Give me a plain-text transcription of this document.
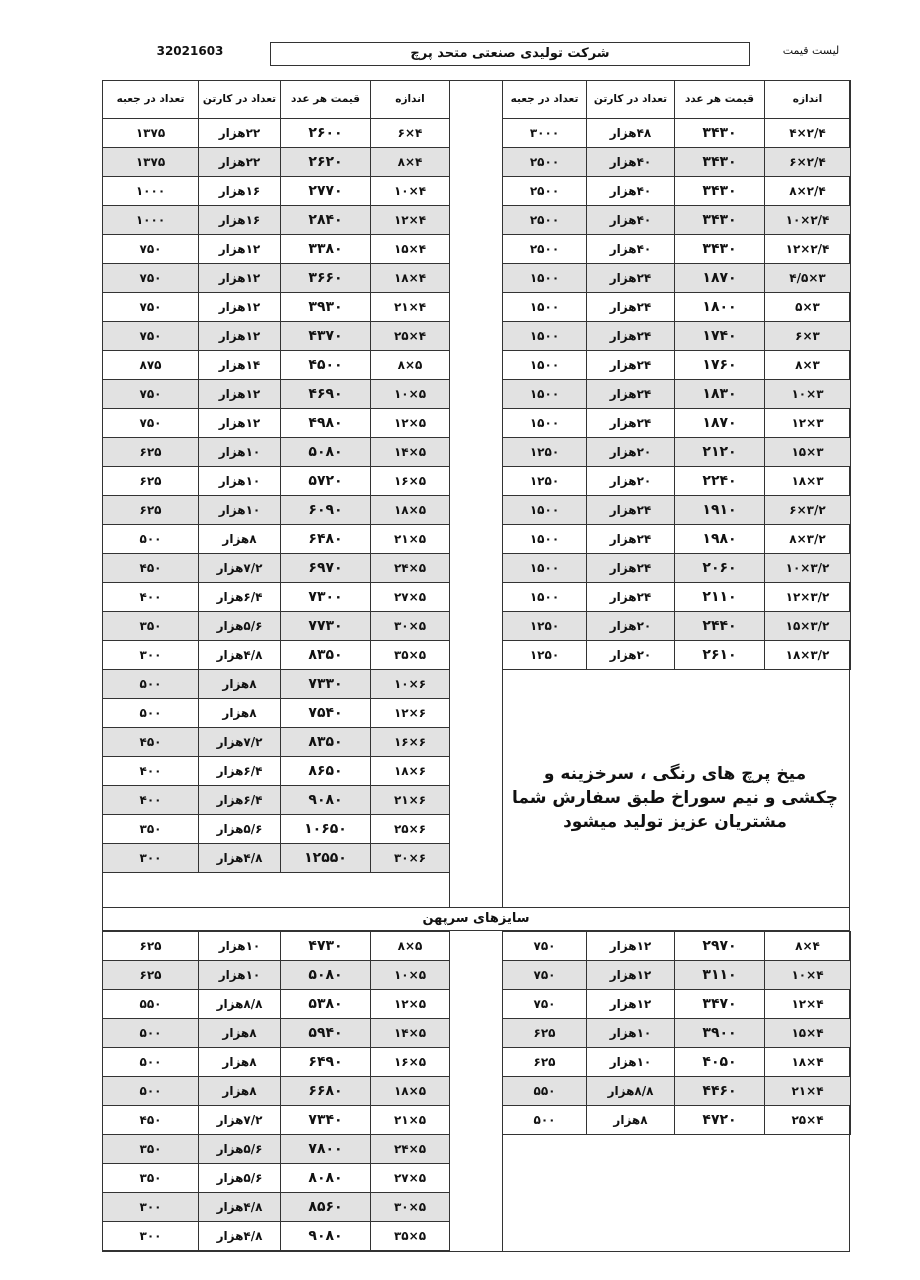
32021603	شرکت تولیدی صنعتی متحد پرچ	لیست قیمت
اندازه	قیمت هر عدد	تعداد در کارتن	تعداد در جعبه
۲/۴×۴	۳۴۳۰	۴۸هزار	۳۰۰۰
۲/۴×۶	۳۴۳۰	۴۰هزار	۲۵۰۰
۲/۴×۸	۳۴۳۰	۴۰هزار	۲۵۰۰
۲/۴×۱۰	۳۴۳۰	۴۰هزار	۲۵۰۰
۲/۴×۱۲	۳۴۳۰	۴۰هزار	۲۵۰۰
۳×۴/۵	۱۸۷۰	۲۴هزار	۱۵۰۰
۳×۵	۱۸۰۰	۲۴هزار	۱۵۰۰
۳×۶	۱۷۴۰	۲۴هزار	۱۵۰۰
۳×۸	۱۷۶۰	۲۴هزار	۱۵۰۰
۳×۱۰	۱۸۳۰	۲۴هزار	۱۵۰۰
۳×۱۲	۱۸۷۰	۲۴هزار	۱۵۰۰
۳×۱۵	۲۱۲۰	۲۰هزار	۱۲۵۰
۳×۱۸	۲۲۴۰	۲۰هزار	۱۲۵۰
۳/۲×۶	۱۹۱۰	۲۴هزار	۱۵۰۰
۳/۲×۸	۱۹۸۰	۲۴هزار	۱۵۰۰
۳/۲×۱۰	۲۰۶۰	۲۴هزار	۱۵۰۰
۳/۲×۱۲	۲۱۱۰	۲۴هزار	۱۵۰۰
۳/۲×۱۵	۲۴۴۰	۲۰هزار	۱۲۵۰
۳/۲×۱۸	۲۶۱۰	۲۰هزار	۱۲۵۰
اندازه	قیمت هر عدد	تعداد در کارتن	تعداد در جعبه
۴×۶	۲۶۰۰	۲۲هزار	۱۳۷۵
۴×۸	۲۶۲۰	۲۲هزار	۱۳۷۵
۴×۱۰	۲۷۷۰	۱۶هزار	۱۰۰۰
۴×۱۲	۲۸۴۰	۱۶هزار	۱۰۰۰
۴×۱۵	۳۳۸۰	۱۲هزار	۷۵۰
۴×۱۸	۳۶۶۰	۱۲هزار	۷۵۰
۴×۲۱	۳۹۳۰	۱۲هزار	۷۵۰
۴×۲۵	۴۳۷۰	۱۲هزار	۷۵۰
۵×۸	۴۵۰۰	۱۴هزار	۸۷۵
۵×۱۰	۴۶۹۰	۱۲هزار	۷۵۰
۵×۱۲	۴۹۸۰	۱۲هزار	۷۵۰
۵×۱۴	۵۰۸۰	۱۰هزار	۶۲۵
۵×۱۶	۵۷۲۰	۱۰هزار	۶۲۵
۵×۱۸	۶۰۹۰	۱۰هزار	۶۲۵
۵×۲۱	۶۴۸۰	۸هزار	۵۰۰
۵×۲۴	۶۹۷۰	۷/۲هزار	۴۵۰
۵×۲۷	۷۳۰۰	۶/۴هزار	۴۰۰
۵×۳۰	۷۷۳۰	۵/۶هزار	۳۵۰
۵×۳۵	۸۳۵۰	۴/۸هزار	۳۰۰
۶×۱۰	۷۳۳۰	۸هزار	۵۰۰
۶×۱۲	۷۵۴۰	۸هزار	۵۰۰
۶×۱۶	۸۳۵۰	۷/۲هزار	۴۵۰
۶×۱۸	۸۶۵۰	۶/۴هزار	۴۰۰
۶×۲۱	۹۰۸۰	۶/۴هزار	۴۰۰
۶×۲۵	۱۰۶۵۰	۵/۶هزار	۳۵۰
۶×۳۰	۱۲۵۵۰	۴/۸هزار	۳۰۰
میخ پرچ های رنگی ، سرخزینه و
چکشی و نیم سوراخ طبق سفارش شما
مشتریان عزیز تولید میشود
سایزهای سرپهن
۵×۸	۴۷۳۰	۱۰هزار	۶۲۵
۵×۱۰	۵۰۸۰	۱۰هزار	۶۲۵
۵×۱۲	۵۳۸۰	۸/۸هزار	۵۵۰
۵×۱۴	۵۹۴۰	۸هزار	۵۰۰
۵×۱۶	۶۴۹۰	۸هزار	۵۰۰
۵×۱۸	۶۶۸۰	۸هزار	۵۰۰
۵×۲۱	۷۳۴۰	۷/۲هزار	۴۵۰
۵×۲۴	۷۸۰۰	۵/۶هزار	۳۵۰
۵×۲۷	۸۰۸۰	۵/۶هزار	۳۵۰
۵×۳۰	۸۵۶۰	۴/۸هزار	۳۰۰
۵×۳۵	۹۰۸۰	۴/۸هزار	۳۰۰
۴×۸	۲۹۷۰	۱۲هزار	۷۵۰
۴×۱۰	۳۱۱۰	۱۲هزار	۷۵۰
۴×۱۲	۳۴۷۰	۱۲هزار	۷۵۰
۴×۱۵	۳۹۰۰	۱۰هزار	۶۲۵
۴×۱۸	۴۰۵۰	۱۰هزار	۶۲۵
۴×۲۱	۴۴۶۰	۸/۸هزار	۵۵۰
۴×۲۵	۴۷۲۰	۸هزار	۵۰۰
